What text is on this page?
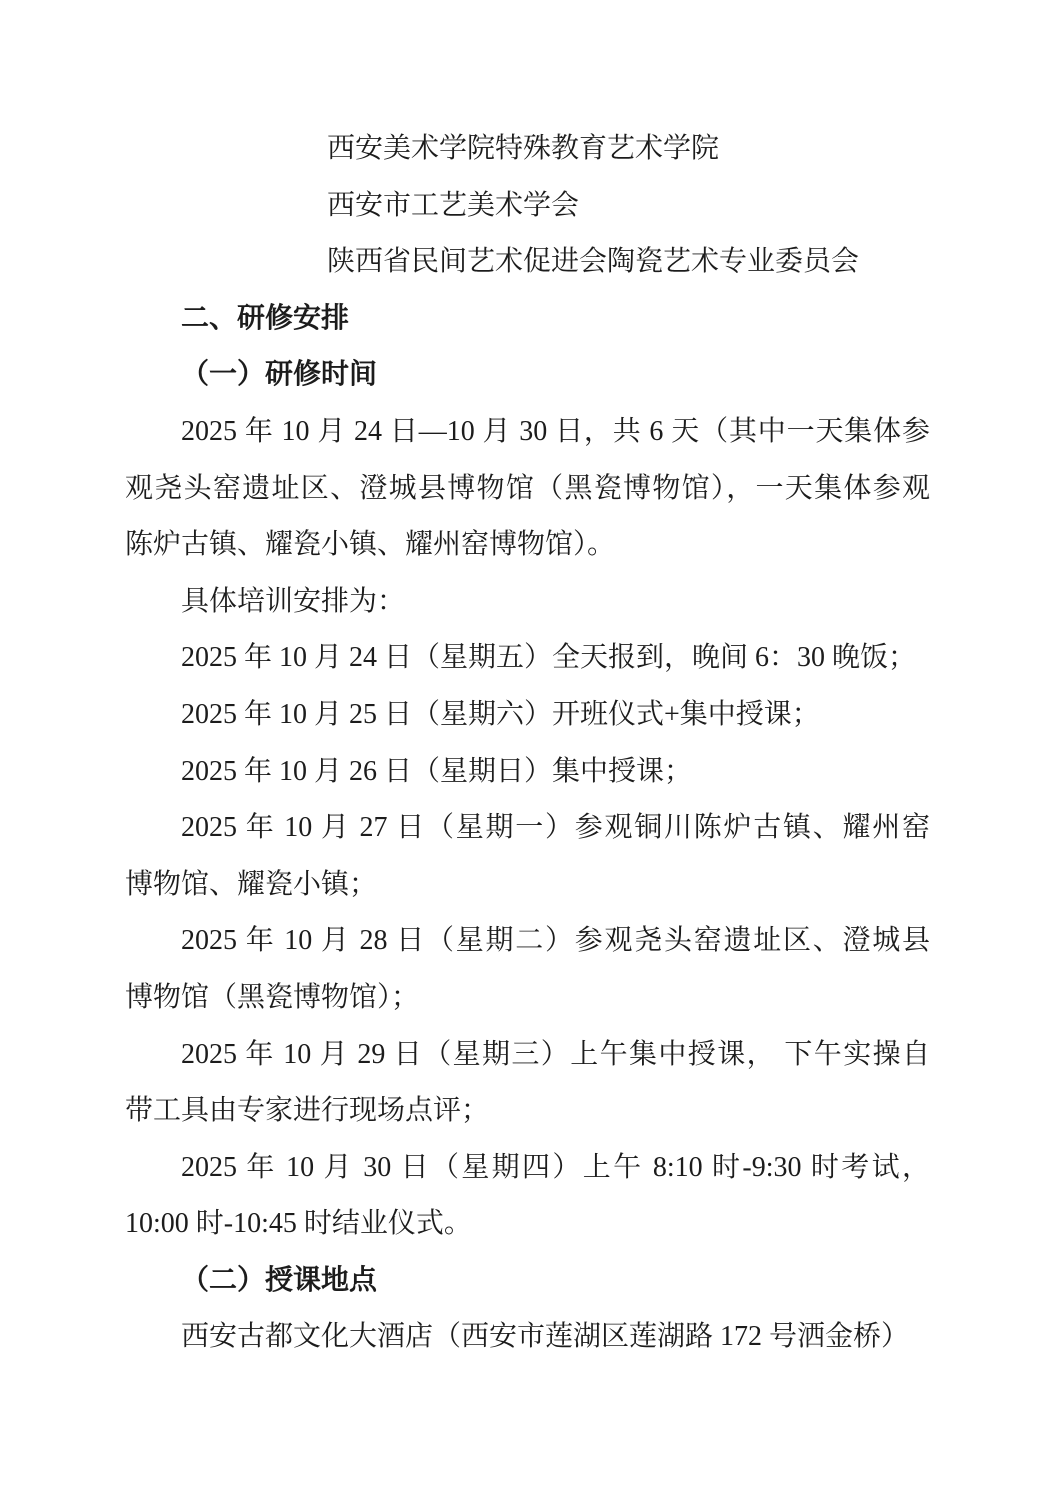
西安美术学院特殊教育艺术学院
西安市工艺美术学会
陕西省民间艺术促进会陶瓷艺术专业委员会
二、研修安排
（一）研修时间
2025 年 10 月 24 日—10 月 30 日，共 6 天（其中一天集体参
观尧头窑遗址区、澄城县博物馆（黑瓷博物馆），一天集体参观
陈炉古镇、耀瓷小镇、耀州窑博物馆）。
具体培训安排为：
2025 年 10 月 24 日（星期五）全天报到，晚间 6：30 晚饭；
2025 年 10 月 25 日（星期六）开班仪式+集中授课；
2025 年 10 月 26 日（星期日）集中授课；
2025 年 10 月 27 日（星期一）参观铜川陈炉古镇、耀州窑
博物馆、耀瓷小镇；
2025 年 10 月 28 日（星期二）参观尧头窑遗址区、澄城县
博物馆（黑瓷博物馆）；
2025 年 10 月 29 日（星期三）上午集中授课， 下午实操自
带工具由专家进行现场点评；
2025 年 10 月 30 日（星期四）上午 8:10 时-9:30 时考试，
10:00 时-10:45 时结业仪式。
（二）授课地点
西安古都文化大酒店（西安市莲湖区莲湖路 172 号洒金桥）
